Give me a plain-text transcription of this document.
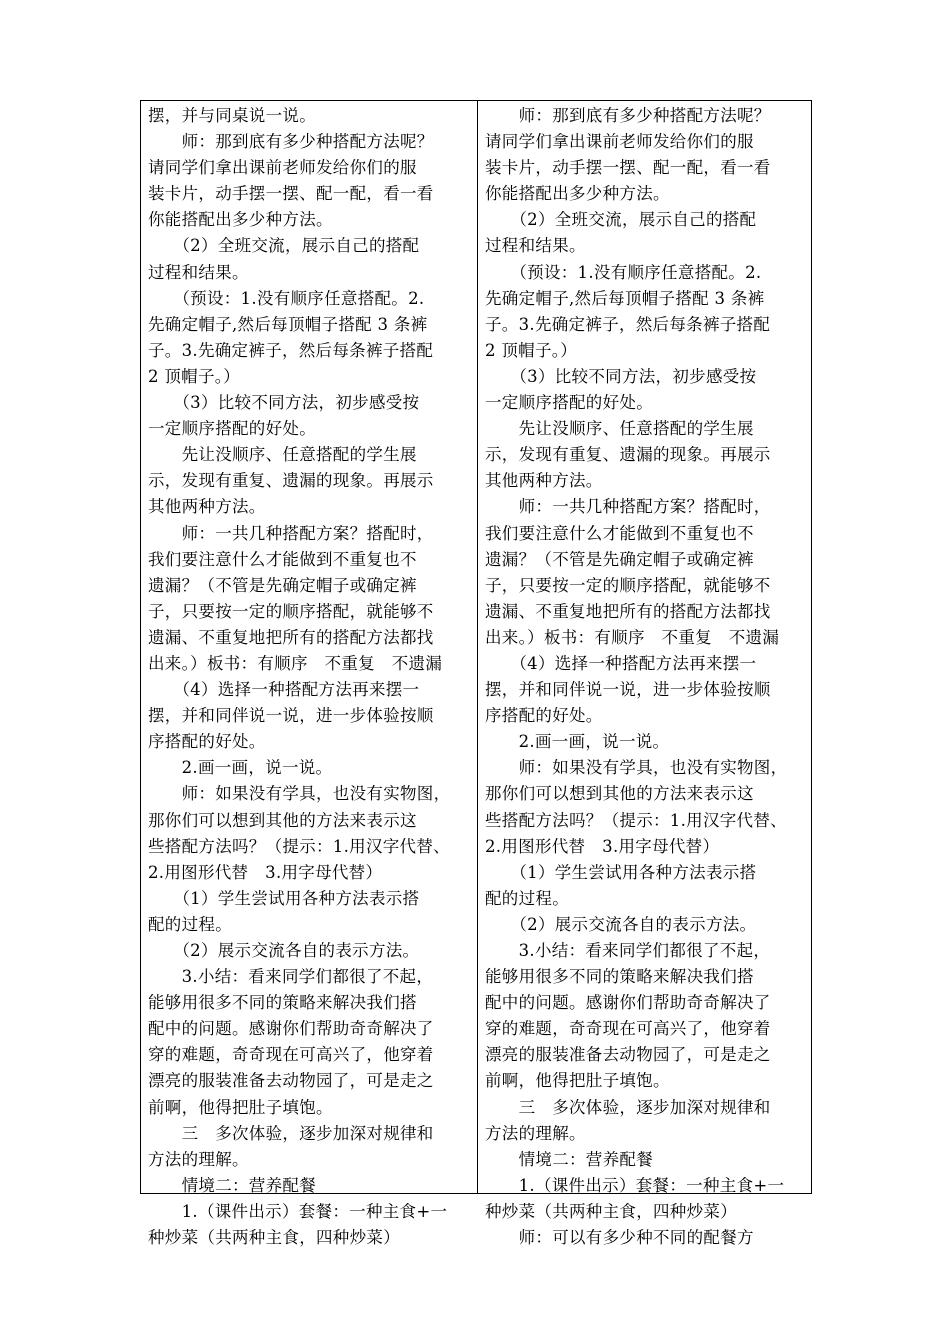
摆，并与同桌说一说。
　　师：那到底有多少种搭配方法呢？
请同学们拿出课前老师发给你们的服
装卡片，动手摆一摆、配一配，看一看
你能搭配出多少种方法。
　　（2）全班交流，展示自己的搭配
过程和结果。
　　（预设：1.没有顺序任意搭配。2.
先确定帽子,然后每顶帽子搭配 3 条裤
子。3.先确定裤子，然后每条裤子搭配
2 顶帽子。）
　　（3）比较不同方法，初步感受按
一定顺序搭配的好处。
　　先让没顺序、任意搭配的学生展
示，发现有重复、遗漏的现象。再展示
其他两种方法。
　　师：一共几种搭配方案？搭配时，
我们要注意什么才能做到不重复也不
遗漏？（不管是先确定帽子或确定裤
子，只要按一定的顺序搭配，就能够不
遗漏、不重复地把所有的搭配方法都找
出来。）板书：有顺序　不重复　不遗漏
　　（4）选择一种搭配方法再来摆一
摆，并和同伴说一说，进一步体验按顺
序搭配的好处。
　　2.画一画，说一说。
　　师：如果没有学具，也没有实物图，
那你们可以想到其他的方法来表示这
些搭配方法吗？（提示：1.用汉字代替、
2.用图形代替　3.用字母代替）
　　（1）学生尝试用各种方法表示搭
配的过程。
　　（2）展示交流各自的表示方法。
　　3.小结：看来同学们都很了不起，
能够用很多不同的策略来解决我们搭
配中的问题。感谢你们帮助奇奇解决了
穿的难题，奇奇现在可高兴了，他穿着
漂亮的服装准备去动物园了，可是走之
前啊，他得把肚子填饱。
　　三　多次体验，逐步加深对规律和
方法的理解。
　　情境二：营养配餐
　　1.（课件出示）套餐：一种主食+一
种炒菜（共两种主食，四种炒菜）
　　师：那到底有多少种搭配方法呢？
请同学们拿出课前老师发给你们的服
装卡片，动手摆一摆、配一配，看一看
你能搭配出多少种方法。
　　（2）全班交流，展示自己的搭配
过程和结果。
　　（预设：1.没有顺序任意搭配。2.
先确定帽子,然后每顶帽子搭配 3 条裤
子。3.先确定裤子，然后每条裤子搭配
2 顶帽子。）
　　（3）比较不同方法，初步感受按
一定顺序搭配的好处。
　　先让没顺序、任意搭配的学生展
示，发现有重复、遗漏的现象。再展示
其他两种方法。
　　师：一共几种搭配方案？搭配时，
我们要注意什么才能做到不重复也不
遗漏？（不管是先确定帽子或确定裤
子，只要按一定的顺序搭配，就能够不
遗漏、不重复地把所有的搭配方法都找
出来。）板书：有顺序　不重复　不遗漏
　　（4）选择一种搭配方法再来摆一
摆，并和同伴说一说，进一步体验按顺
序搭配的好处。
　　2.画一画，说一说。
　　师：如果没有学具，也没有实物图，
那你们可以想到其他的方法来表示这
些搭配方法吗？（提示：1.用汉字代替、
2.用图形代替　3.用字母代替）
　　（1）学生尝试用各种方法表示搭
配的过程。
　　（2）展示交流各自的表示方法。
　　3.小结：看来同学们都很了不起，
能够用很多不同的策略来解决我们搭
配中的问题。感谢你们帮助奇奇解决了
穿的难题，奇奇现在可高兴了，他穿着
漂亮的服装准备去动物园了，可是走之
前啊，他得把肚子填饱。
　　三　多次体验，逐步加深对规律和
方法的理解。
　　情境二：营养配餐
　　1.（课件出示）套餐：一种主食+一
种炒菜（共两种主食，四种炒菜）
　　师：可以有多少种不同的配餐方
